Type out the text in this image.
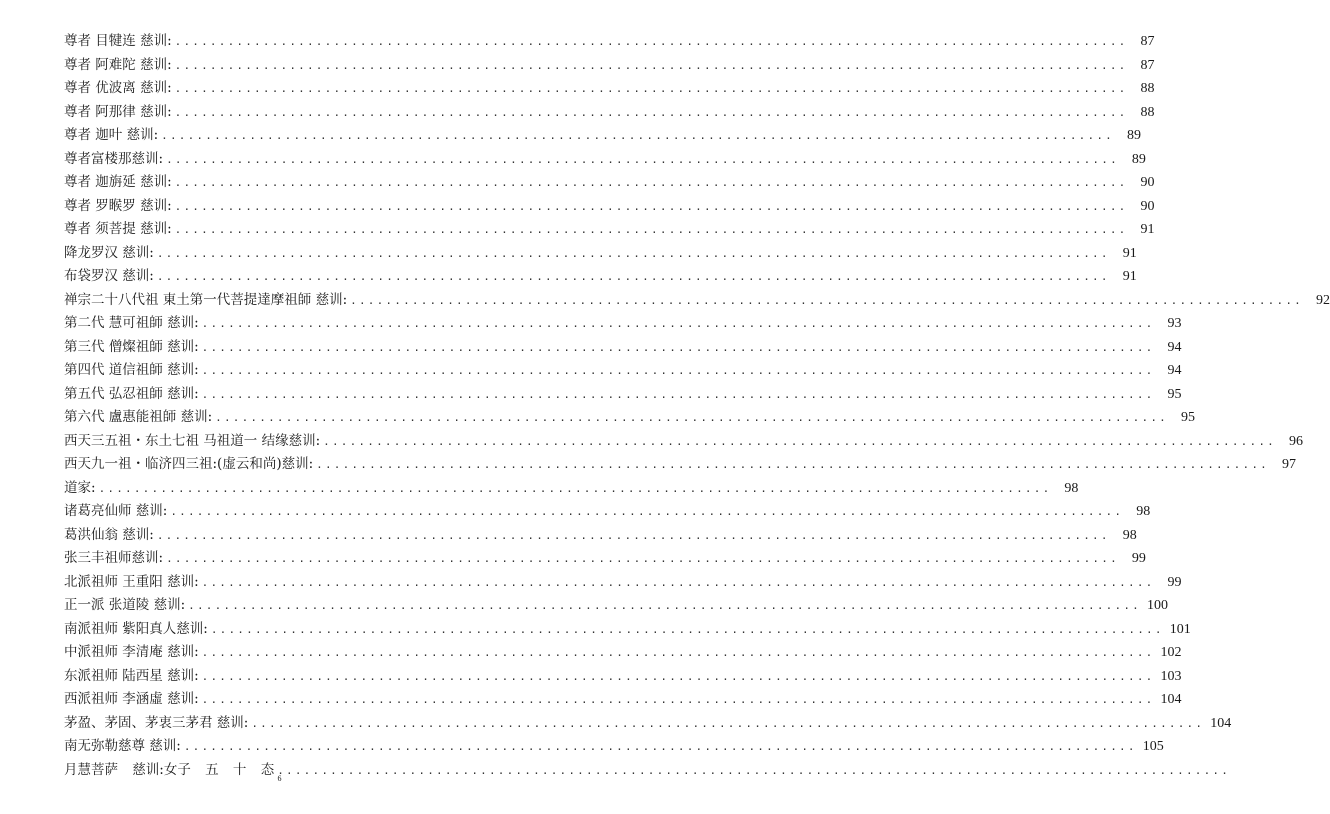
尊者 目犍连 慈训: ............................................................................................................ 87
尊者 阿难陀 慈训: ............................................................................................................ 87
尊者 优波离 慈训: ............................................................................................................ 88
尊者 阿那律 慈训: ............................................................................................................ 88
尊者 迦叶 慈训: ............................................................................................................ 89
尊者富楼那慈训: ............................................................................................................ 89
尊者 迦旃延 慈训: ............................................................................................................ 90
尊者 罗睺罗 慈训: ............................................................................................................ 90
尊者 须菩提 慈训: ............................................................................................................ 91
降龙罗汉 慈训: ............................................................................................................ 91
布袋罗汉 慈训: ............................................................................................................ 91
禅宗二十八代祖 東土第一代菩提達摩祖師 慈训: ............................................................................................................ 92
第二代 慧可祖師 慈训: ............................................................................................................ 93
第三代 僧燦祖師 慈训: ............................................................................................................ 94
第四代 道信祖師 慈训: ............................................................................................................ 94
第五代 弘忍祖師 慈训: ............................................................................................................ 95
第六代 盧惠能祖師 慈训: ............................................................................................................ 95
西天三五祖・东土七祖 马祖道一 结缘慈训: ............................................................................................................ 96
西天九一祖・临济四三祖:(虚云和尚)慈训: ............................................................................................................ 97
道家: ............................................................................................................ 98
诸葛亮仙师 慈训: ............................................................................................................ 98
葛洪仙翁 慈训: ............................................................................................................ 98
张三丰祖师慈训: ............................................................................................................ 99
北派祖师 王重阳 慈训: ............................................................................................................ 99
正一派 张道陵 慈训: ............................................................................................................ 100
南派祖师 紫阳真人慈训: ............................................................................................................ 101
中派祖师 李清庵 慈训: ............................................................................................................ 102
东派祖师 陆西星 慈训: ............................................................................................................ 103
西派祖师 李涵虛 慈训: ............................................................................................................ 104
茅盈、茅固、茅衷三茅君 慈训: ............................................................................................................ 104
南无弥勒慈尊 慈训: ............................................................................................................ 105
月慧菩萨 慈训:女子 五 十 态 ............................................................................................................
6
